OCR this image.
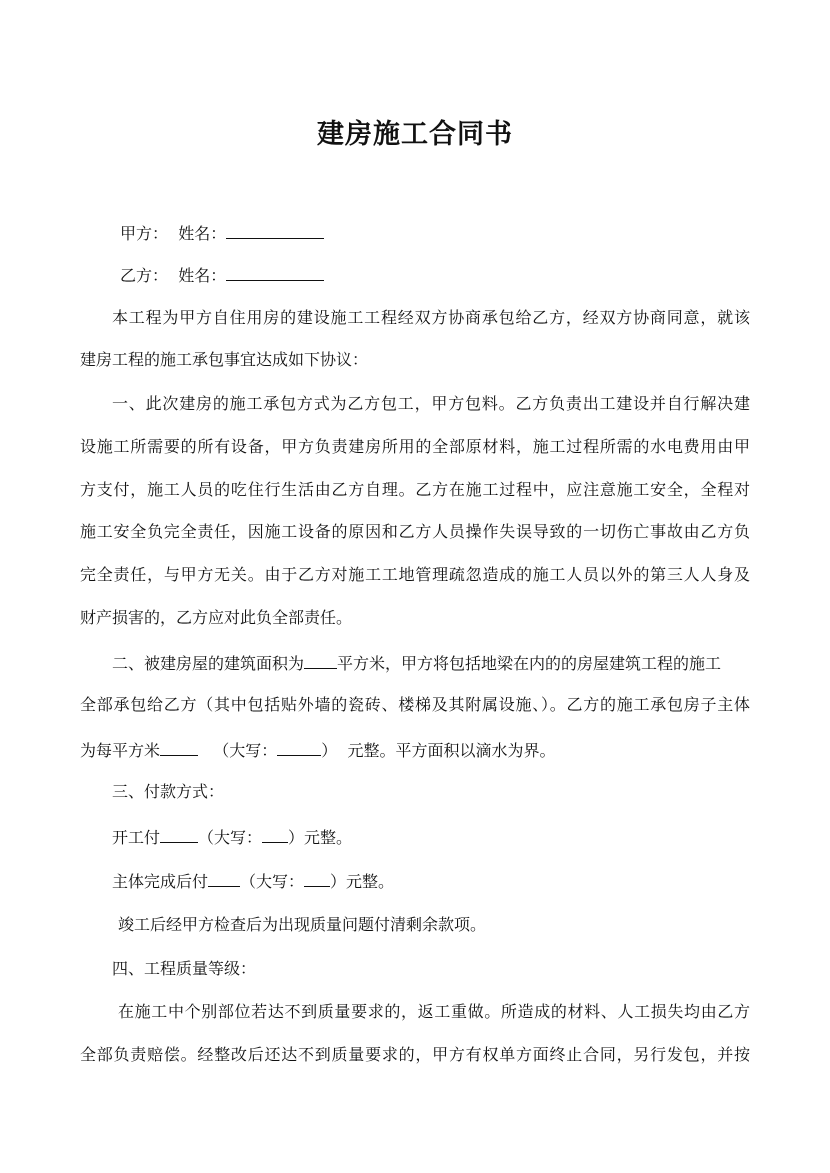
建房施工合同书
甲方： 姓名：
乙方： 姓名：
本工程为甲方自住用房的建设施工工程经双方协商承包给乙方，经双方协商同意，就该
建房工程的施工承包事宜达成如下协议：
一、此次建房的施工承包方式为乙方包工，甲方包料。乙方负责出工建设并自行解决建
设施工所需要的所有设备，甲方负责建房所用的全部原材料，施工过程所需的水电费用由甲
方支付，施工人员的吃住行生活由乙方自理。乙方在施工过程中，应注意施工安全，全程对
施工安全负完全责任，因施工设备的原因和乙方人员操作失误导致的一切伤亡事故由乙方负
完全责任，与甲方无关。由于乙方对施工工地管理疏忽造成的施工人员以外的第三人人身及
财产损害的，乙方应对此负全部责任。
二、被建房屋的建筑面积为 平方米，甲方将包括地梁在内的的房屋建筑工程的施工
全部承包给乙方（其中包括贴外墙的瓷砖、楼梯及其附属设施、）。乙方的施工承包房子主体
为每平方米	（大写：	） 元整。平方面积以滴水为界。
三、付款方式：
开工付 （大写： ）元整。
主体完成后付 （大写： ）元整。
竣工后经甲方检查后为出现质量问题付清剩余款项。
四、工程质量等级：
在施工中个别部位若达不到质量要求的，返工重做。所造成的材料、人工损失均由乙方
全部负责赔偿。经整改后还达不到质量要求的，甲方有权单方面终止合同，另行发包，并按
